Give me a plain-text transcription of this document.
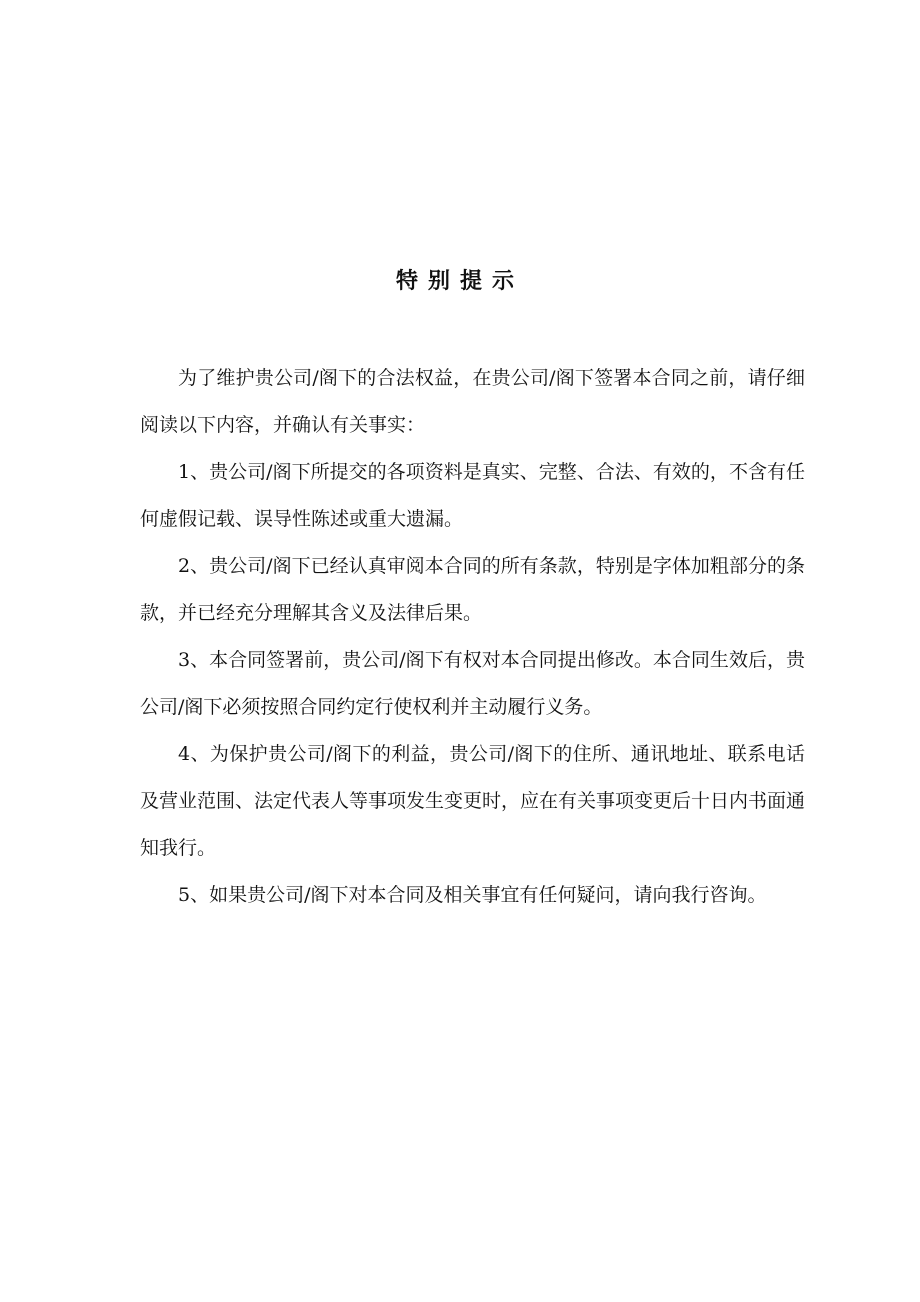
特别提示

为了维护贵公司/阁下的合法权益，在贵公司/阁下签署本合同之前，请仔细阅读以下内容，并确认有关事实：

1、贵公司/阁下所提交的各项资料是真实、完整、合法、有效的，不含有任何虚假记载、误导性陈述或重大遗漏。

2、贵公司/阁下已经认真审阅本合同的所有条款，特别是字体加粗部分的条款，并已经充分理解其含义及法律后果。

3、本合同签署前，贵公司/阁下有权对本合同提出修改。本合同生效后，贵公司/阁下必须按照合同约定行使权利并主动履行义务。

4、为保护贵公司/阁下的利益，贵公司/阁下的住所、通讯地址、联系电话及营业范围、法定代表人等事项发生变更时，应在有关事项变更后十日内书面通知我行。

5、如果贵公司/阁下对本合同及相关事宜有任何疑问，请向我行咨询。
